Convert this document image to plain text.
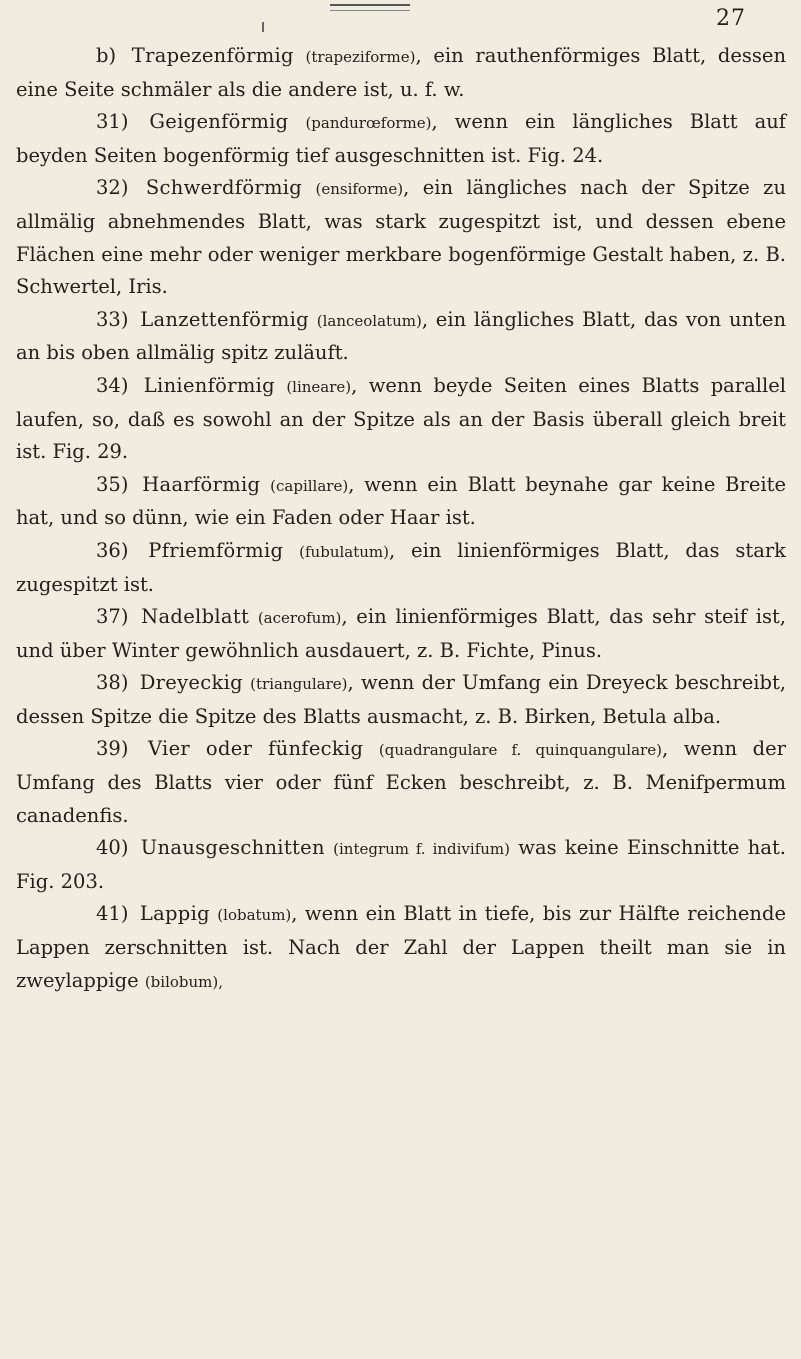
27

b) Trapezenförmig (trapeziforme), ein rauthenförmiges Blatt, dessen eine Seite schmäler als die andere ist, u. f. w.

31) Geigenförmig (pandurœforme), wenn ein längliches Blatt auf beyden Seiten bogenförmig tief ausgeschnitten ist. Fig. 24.

32) Schwerdförmig (ensiforme), ein längliches nach der Spitze zu allmälig abnehmendes Blatt, was stark zugespitzt ist, und dessen ebene Flächen eine mehr oder weniger merkbare bogenförmige Gestalt haben, z. B. Schwertel, Iris.

33) Lanzettenförmig (lanceolatum), ein längliches Blatt, das von unten an bis oben allmälig spitz zuläuft.

34) Linienförmig (lineare), wenn beyde Seiten eines Blatts parallel laufen, so, daß es sowohl an der Spitze als an der Basis überall gleich breit ist. Fig. 29.

35) Haarförmig (capillare), wenn ein Blatt beynahe gar keine Breite hat, und so dünn, wie ein Faden oder Haar ist.

36) Pfriemförmig (fubulatum), ein linienförmiges Blatt, das stark zugespitzt ist.

37) Nadelblatt (acerofum), ein linienförmiges Blatt, das sehr steif ist, und über Winter gewöhnlich ausdauert, z. B. Fichte, Pinus.

38) Dreyeckig (triangulare), wenn der Umfang ein Dreyeck beschreibt, dessen Spitze die Spitze des Blatts ausmacht, z. B. Birken, Betula alba.

39) Vier oder fünfeckig (quadrangulare f. quinquangulare), wenn der Umfang des Blatts vier oder fünf Ecken beschreibt, z. B. Menifpermum canadenfis.

40) Unausgeschnitten (integrum f. indivifum) was keine Einschnitte hat. Fig. 203.

41) Lappig (lobatum), wenn ein Blatt in tiefe, bis zur Hälfte reichende Lappen zerschnitten ist. Nach der Zahl der Lappen theilt man sie in zweylappige (bilobum),
